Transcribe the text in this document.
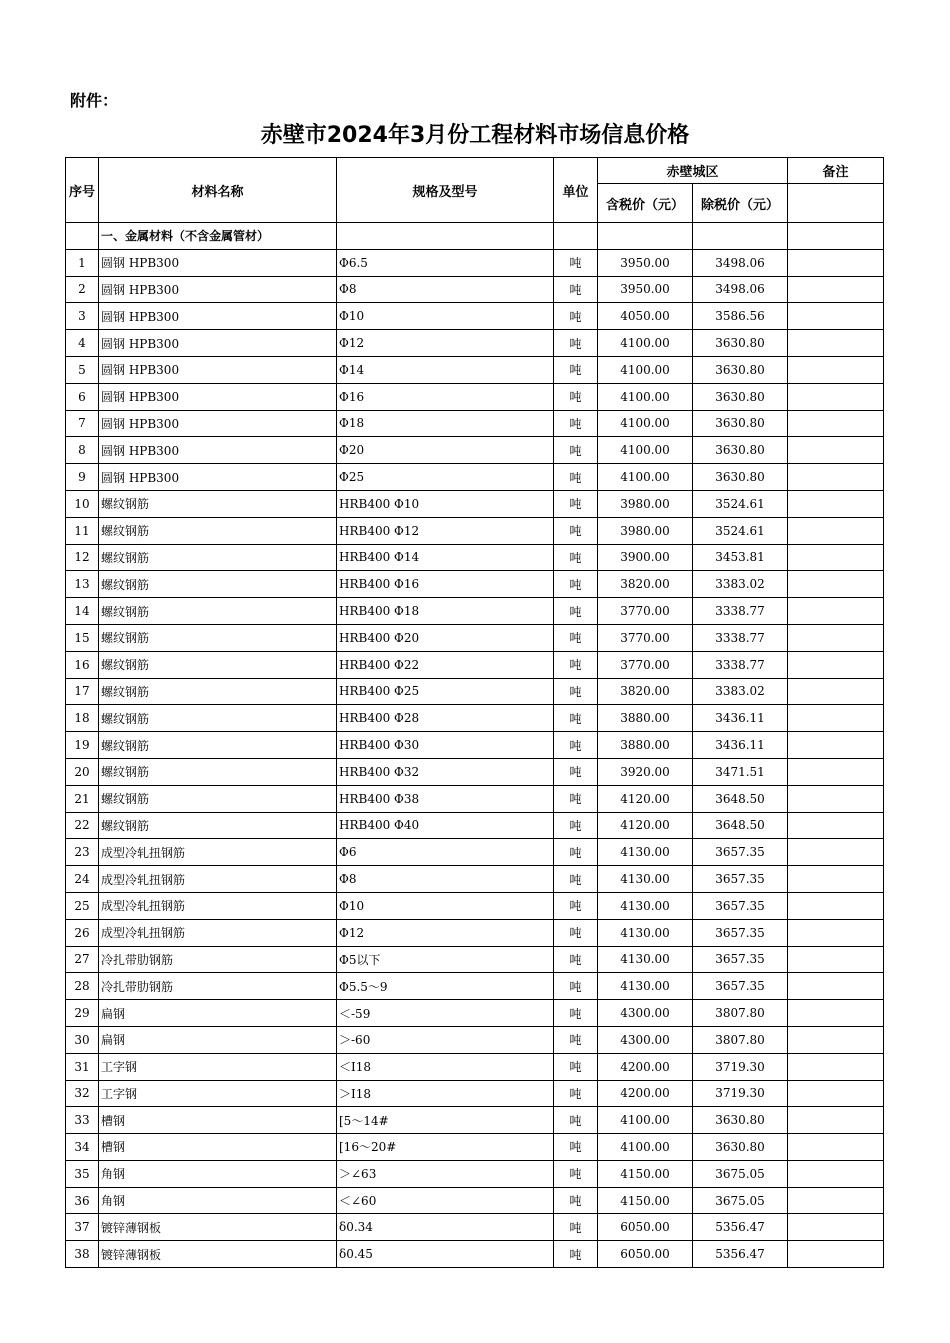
附件：
赤壁市2024年3月份工程材料市场信息价格
序号	材料名称	规格及型号	单位	赤壁城区		备注
				含税价（元）	除税价（元）	
	一、金属材料（不含金属管材）					
1	圆钢 HPB300	Φ6.5	吨	3950.00	3498.06	
2	圆钢 HPB300	Φ8	吨	3950.00	3498.06	
3	圆钢 HPB300	Φ10	吨	4050.00	3586.56	
4	圆钢 HPB300	Φ12	吨	4100.00	3630.80	
5	圆钢 HPB300	Φ14	吨	4100.00	3630.80	
6	圆钢 HPB300	Φ16	吨	4100.00	3630.80	
7	圆钢 HPB300	Φ18	吨	4100.00	3630.80	
8	圆钢 HPB300	Φ20	吨	4100.00	3630.80	
9	圆钢 HPB300	Φ25	吨	4100.00	3630.80	
10	螺纹钢筋	HRB400 Φ10	吨	3980.00	3524.61	
11	螺纹钢筋	HRB400 Φ12	吨	3980.00	3524.61	
12	螺纹钢筋	HRB400 Φ14	吨	3900.00	3453.81	
13	螺纹钢筋	HRB400 Φ16	吨	3820.00	3383.02	
14	螺纹钢筋	HRB400 Φ18	吨	3770.00	3338.77	
15	螺纹钢筋	HRB400 Φ20	吨	3770.00	3338.77	
16	螺纹钢筋	HRB400 Φ22	吨	3770.00	3338.77	
17	螺纹钢筋	HRB400 Φ25	吨	3820.00	3383.02	
18	螺纹钢筋	HRB400 Φ28	吨	3880.00	3436.11	
19	螺纹钢筋	HRB400 Φ30	吨	3880.00	3436.11	
20	螺纹钢筋	HRB400 Φ32	吨	3920.00	3471.51	
21	螺纹钢筋	HRB400 Φ38	吨	4120.00	3648.50	
22	螺纹钢筋	HRB400 Φ40	吨	4120.00	3648.50	
23	成型冷轧扭钢筋	Φ6	吨	4130.00	3657.35	
24	成型冷轧扭钢筋	Φ8	吨	4130.00	3657.35	
25	成型冷轧扭钢筋	Φ10	吨	4130.00	3657.35	
26	成型冷轧扭钢筋	Φ12	吨	4130.00	3657.35	
27	冷扎带肋钢筋	Φ5以下	吨	4130.00	3657.35	
28	冷扎带肋钢筋	Φ5.5～9	吨	4130.00	3657.35	
29	扁钢	＜-59	吨	4300.00	3807.80	
30	扁钢	＞-60	吨	4300.00	3807.80	
31	工字钢	＜Ⅰ18	吨	4200.00	3719.30	
32	工字钢	＞Ⅰ18	吨	4200.00	3719.30	
33	槽钢	[5～14#	吨	4100.00	3630.80	
34	槽钢	[16～20#	吨	4100.00	3630.80	
35	角钢	＞∠63	吨	4150.00	3675.05	
36	角钢	＜∠60	吨	4150.00	3675.05	
37	镀锌薄钢板	δ0.34	吨	6050.00	5356.47	
38	镀锌薄钢板	δ0.45	吨	6050.00	5356.47	
